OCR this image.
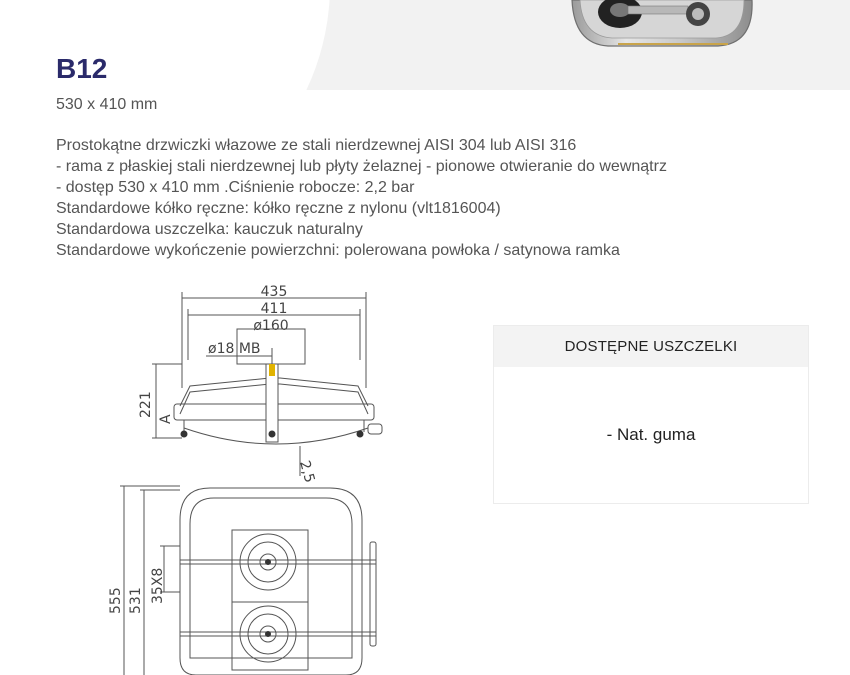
B12

530 x 410 mm

Prostokątne drzwiczki włazowe ze stali nierdzewnej AISI 304 lub AISI 316
- rama z płaskiej stali nierdzewnej lub płyty żelaznej - pionowe otwieranie do wewnątrz
- dostęp 530 x 410 mm .Ciśnienie robocze: 2,2 bar
Standardowe kółko ręczne: kółko ręczne z nylonu (vlt1816004)
Standardowa uszczelka: kauczuk naturalny
Standardowe wykończenie powierzchni: polerowana powłoka / satynowa ramka
DOSTĘPNE USZCZELKI
- Nat. guma
435
411
ø160
ø18 MB
221
A
2,5
555 531 35X8
